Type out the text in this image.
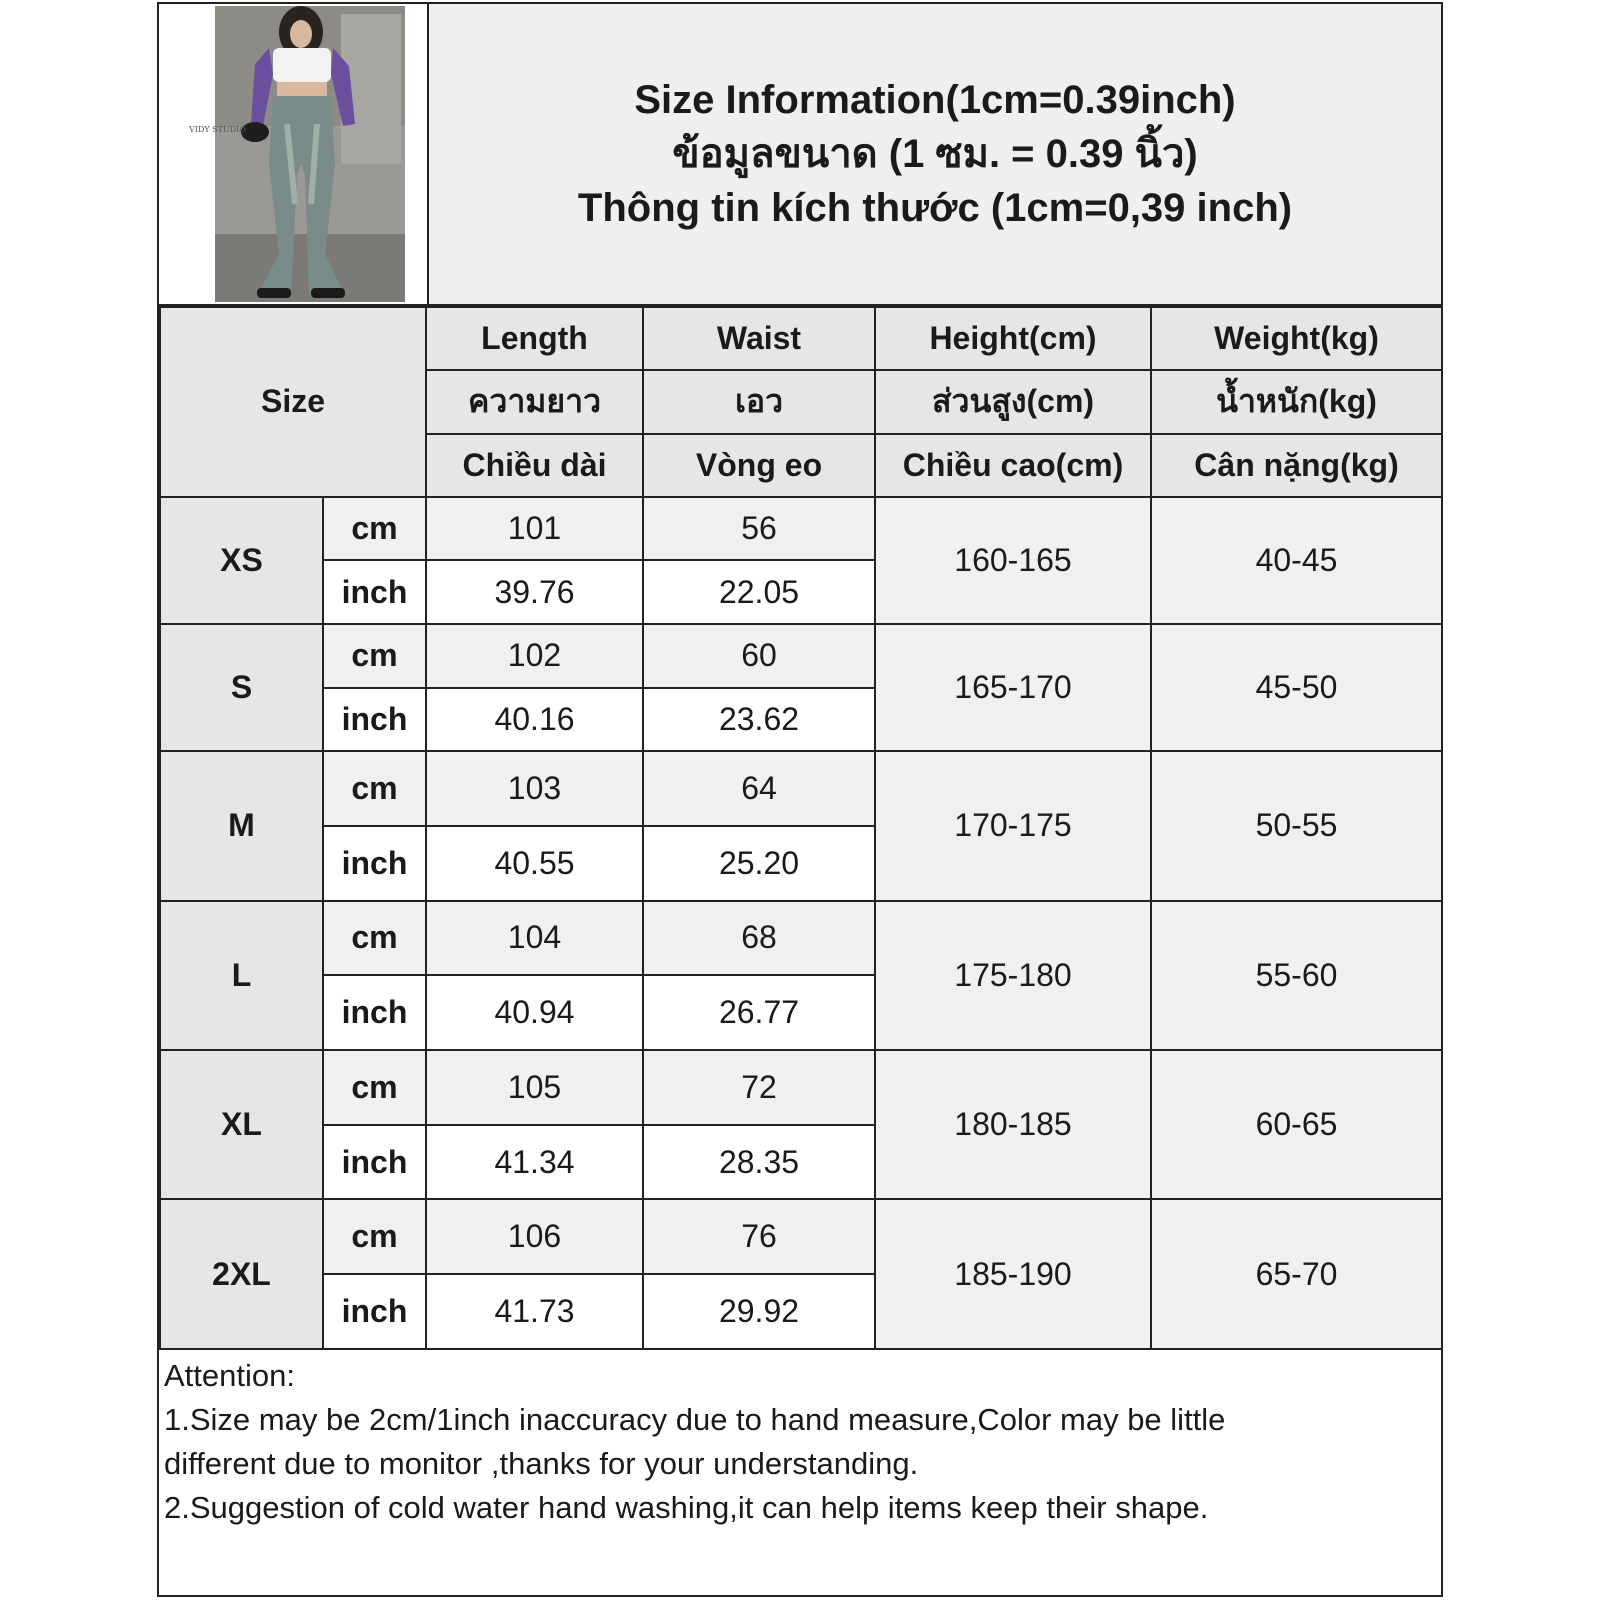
VIDY STUDIO
Size Information(1cm=0.39inch)
ข้อมูลขนาด (1 ซม. = 0.39 นิ้ว)
Thông tin kích thước (1cm=0,39 inch)
Size		Length	Waist	Height(cm)	Weight(kg)
		ความยาว	เอว	ส่วนสูง(cm)	น้ำหนัก(kg)
		Chiều dài	Vòng eo	Chiều cao(cm)	Cân nặng(kg)
XS	cm	101	56	160-165	40-45
	inch	39.76	22.05		
S	cm	102	60	165-170	45-50
	inch	40.16	23.62		
M	cm	103	64	170-175	50-55
	inch	40.55	25.20		
L	cm	104	68	175-180	55-60
	inch	40.94	26.77		
XL	cm	105	72	180-185	60-65
	inch	41.34	28.35		
2XL	cm	106	76	185-190	65-70
	inch	41.73	29.92		

Attention:

1.Size may be 2cm/1inch inaccuracy due to hand measure,Color may be little

different due to monitor ,thanks for your understanding.

2.Suggestion of cold water hand washing,it can help items keep their shape.
